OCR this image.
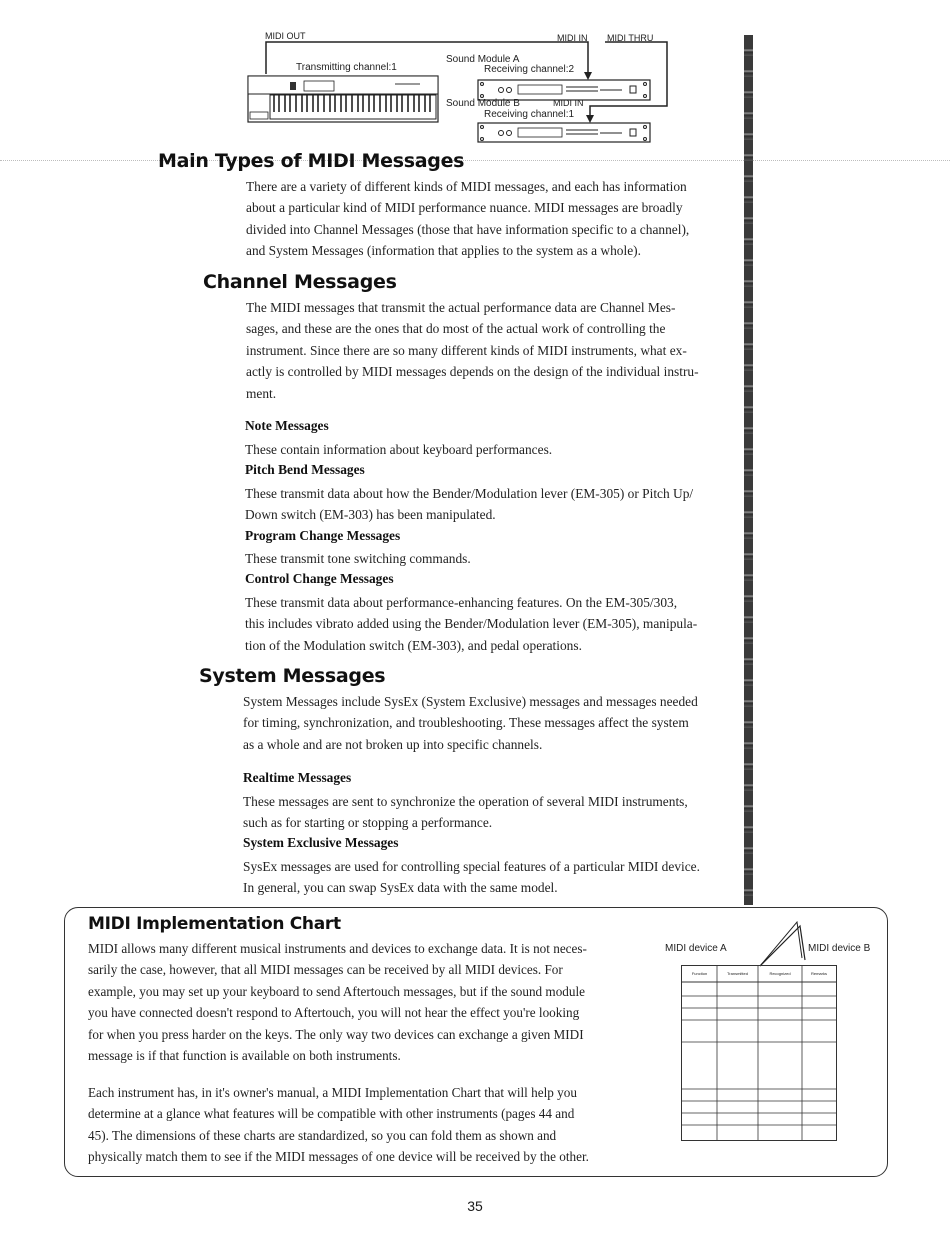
MIDI OUT	MIDI IN MIDI THRU
Transmitting channel:1
Sound Module A
Receiving channel:2
Sound Module B	MIDI IN
Receiving channel:1
Main Types of MIDI Messages
There are a variety of different kinds of MIDI messages, and each has information
about a particular kind of MIDI performance nuance. MIDI messages are broadly
divided into Channel Messages (those that have information specific to a channel),
and System Messages (information that applies to the system as a whole).
Channel Messages
The MIDI messages that transmit the actual performance data are Channel Mes-
sages, and these are the ones that do most of the actual work of controlling the
instrument. Since there are so many different kinds of MIDI instruments, what ex-
actly is controlled by MIDI messages depends on the design of the individual instru-
ment.
Note Messages
These contain information about keyboard performances.
Pitch Bend Messages
These transmit data about how the Bender/Modulation lever (EM-305) or Pitch Up/
Down switch (EM-303) has been manipulated.
Program Change Messages
These transmit tone switching commands.
Control Change Messages
These transmit data about performance-enhancing features. On the EM-305/303,
this includes vibrato added using the Bender/Modulation lever (EM-305), manipula-
tion of the Modulation switch (EM-303), and pedal operations.
System Messages
System Messages include SysEx (System Exclusive) messages and messages needed
for timing, synchronization, and troubleshooting. These messages affect the system
as a whole and are not broken up into specific channels.
Realtime Messages
These messages are sent to synchronize the operation of several MIDI instruments,
such as for starting or stopping a performance.
System Exclusive Messages
SysEx messages are used for controlling special features of a particular MIDI device.
In general, you can swap SysEx data with the same model.
MIDI Implementation Chart
MIDI allows many different musical instruments and devices to exchange data. It is not neces-
sarily the case, however, that all MIDI messages can be received by all MIDI devices. For
example, you may set up your keyboard to send Aftertouch messages, but if the sound module
you have connected doesn't respond to Aftertouch, you will not hear the effect you're looking
for when you press harder on the keys. The only way two devices can exchange a given MIDI
message is if that function is available on both instruments.
Each instrument has, in it's owner's manual, a MIDI Implementation Chart that will help you
determine at a glance what features will be compatible with other instruments (pages 44 and
45). The dimensions of these charts are standardized, so you can fold them as shown and
physically match them to see if the MIDI messages of one device will be received by the other.
Function	Transmitted	Recognized	Remarks
MIDI device A	MIDI device B
35
